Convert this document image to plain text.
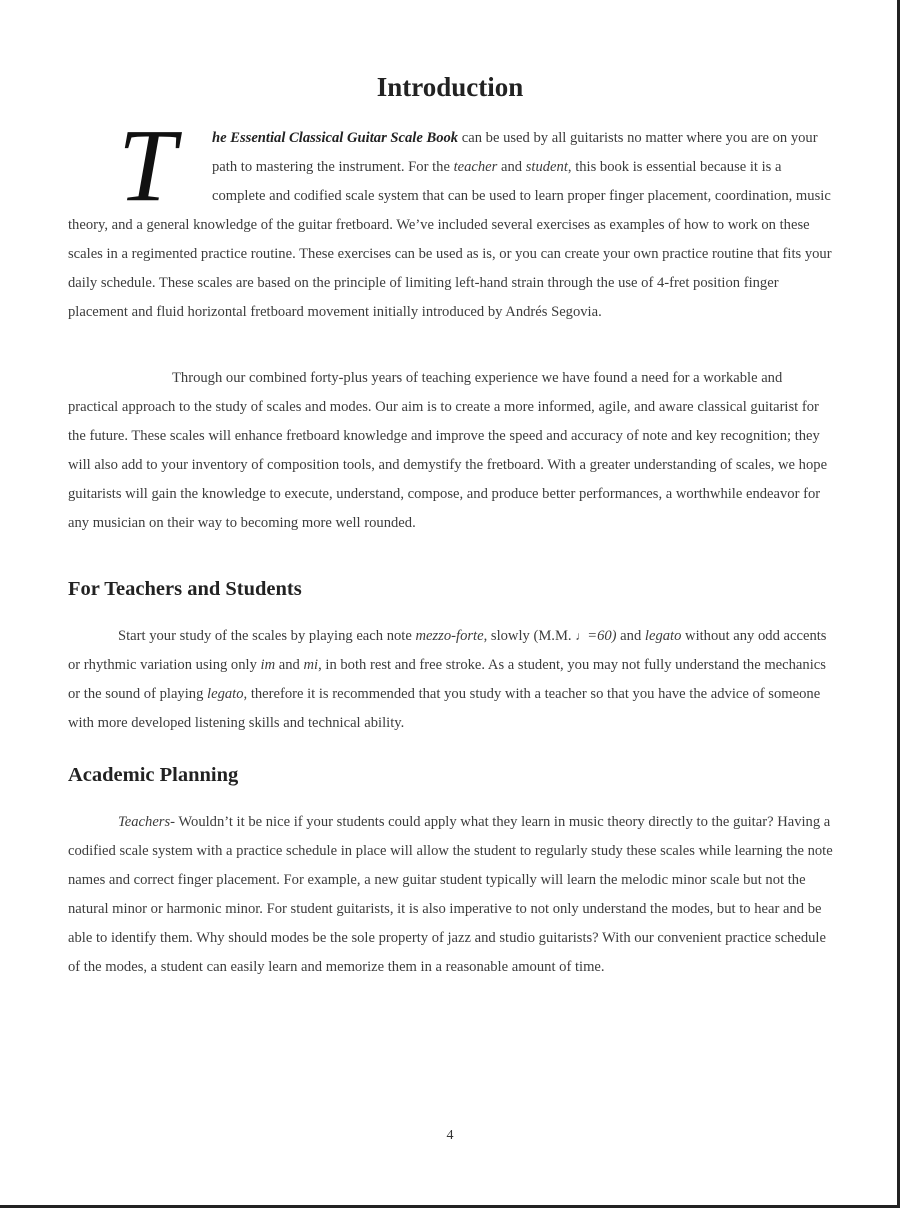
Introduction
T	he Essential Classical Guitar Scale Book can be used by all guitarists no matter where you are on your path to mastering the instrument. For the teacher and student, this book is essential because it is a complete and codified scale system that can be used to learn proper finger placement, coordination, music theory, and a general knowledge of the guitar fretboard. We’ve included several exercises as examples of how to work on these scales in a regimented practice routine. These exercises can be used as is, or you can create your own practice routine that fits your daily schedule. These scales are based on the principle of limiting left-hand strain through the use of 4-fret position finger placement and fluid horizontal fretboard movement initially introduced by Andrés Segovia.

Through our combined forty-plus years of teaching experience we have found a need for a workable and practical approach to the study of scales and modes. Our aim is to create a more informed, agile, and aware classical guitarist for the future. These scales will enhance fretboard knowledge and improve the speed and accuracy of note and key recognition; they will also add to your inventory of composition tools, and demystify the fretboard. With a greater understanding of scales, we hope guitarists will gain the knowledge to execute, understand, compose, and produce better performances, a worthwhile endeavor for any musician on their way to becoming more well rounded.

For Teachers and Students

Start your study of the scales by playing each note mezzo-forte, slowly (M.M. ♩=60) and legato without any odd accents or rhythmic variation using only im and mi, in both rest and free stroke. As a student, you may not fully understand the mechanics or the sound of playing legato, therefore it is recommended that you study with a teacher so that you have the advice of someone with more developed listening skills and technical ability.

Academic Planning

Teachers- Wouldn’t it be nice if your students could apply what they learn in music theory directly to the guitar? Having a codified scale system with a practice schedule in place will allow the student to regularly study these scales while learning the note names and correct finger placement. For example, a new guitar student typically will learn the melodic minor scale but not the natural minor or harmonic minor. For student guitarists, it is also imperative to not only understand the modes, but to hear and be able to identify them. Why should modes be the sole property of jazz and studio guitarists? With our convenient practice schedule of the modes, a student can easily learn and memorize them in a reasonable amount of time.

4
